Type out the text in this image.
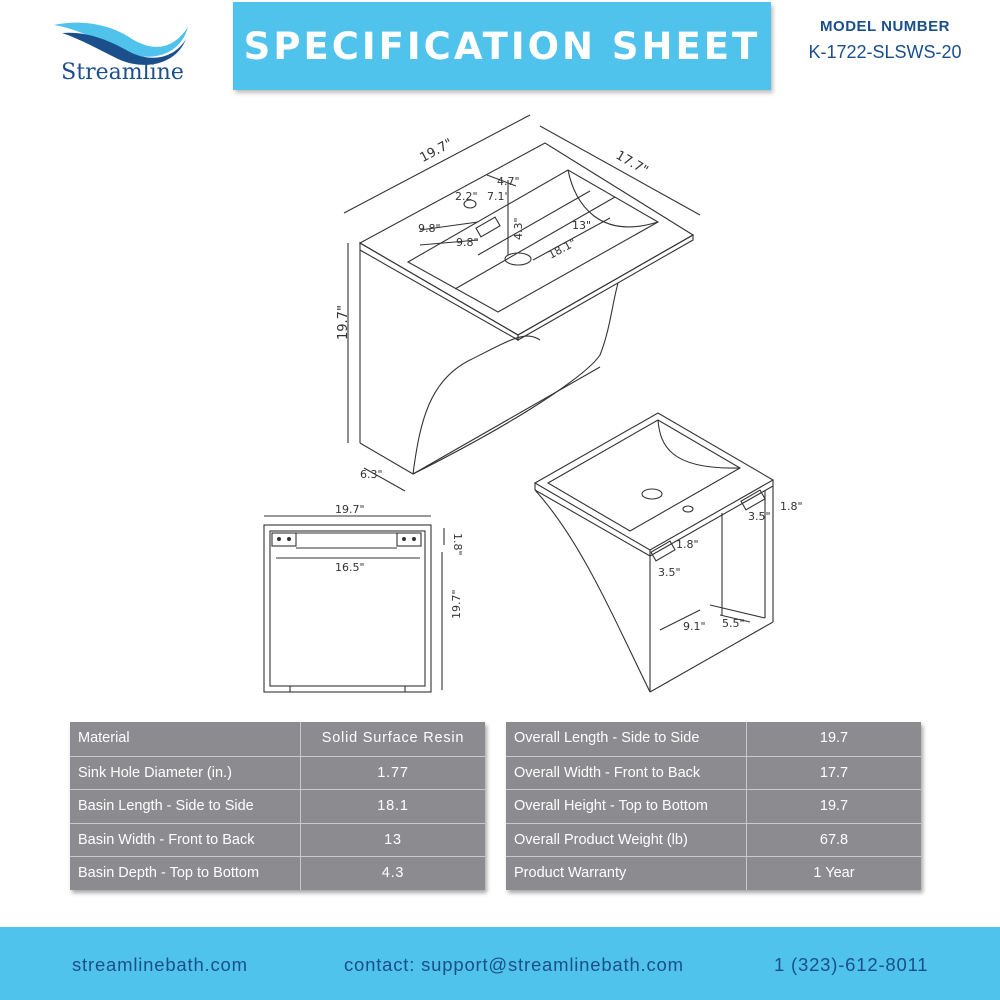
Streamline
SPECIFICATION SHEET	MODEL NUMBER
K-1722-SLSWS-20
19.7"	17.7"
19.7"
6.3"
4.7"
7.1"
2.2"
9.8"
9.8"
4.3"
18.1"
13"
19.7"
16.5"
1.8"
19.7"
3.5"
1.8"
3.5"
1.8"
9.1" 5.5"
Material	Solid Surface Resin
Sink Hole Diameter (in.)	1.77
Basin Length - Side to Side	18.1
Basin Width - Front to Back	13
Basin Depth - Top to Bottom	4.3
Overall Length - Side to Side	19.7
Overall Width - Front to Back	17.7
Overall Height - Top to Bottom	19.7
Overall Product Weight (lb)	67.8
Product Warranty	1 Year
streamlinebath.com	contact: support@streamlinebath.com	1 (323)-612-8011
